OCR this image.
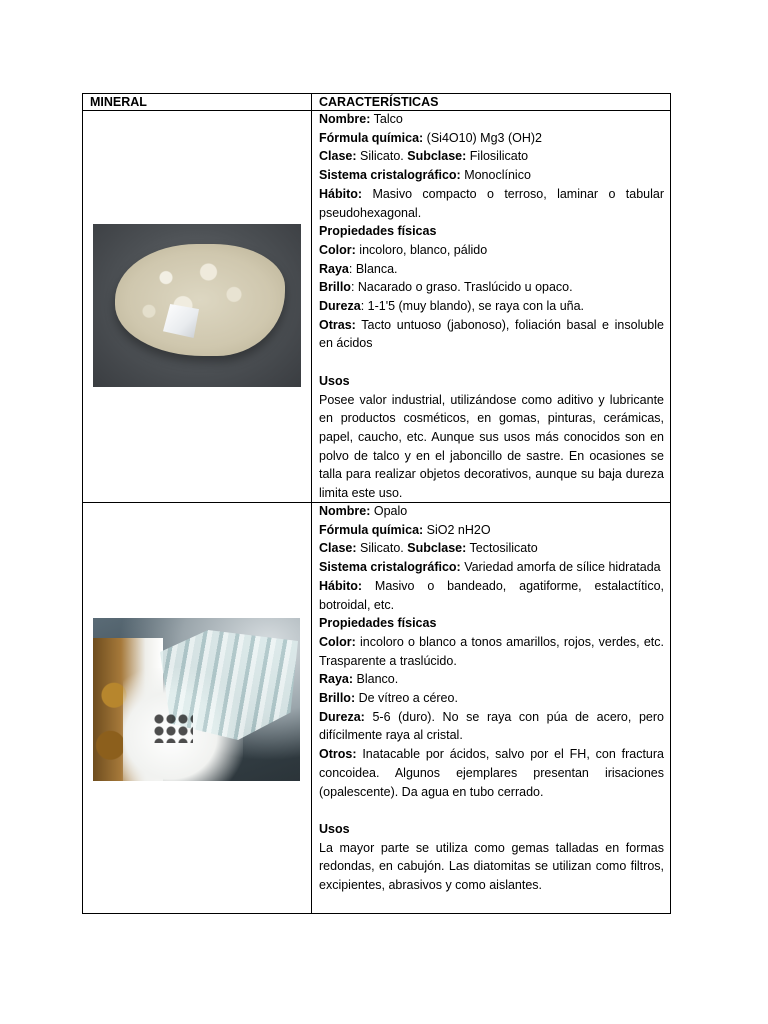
MINERAL	CARACTERÍSTICAS

Nombre: Talco

Fórmula química: (Si4O10) Mg3 (OH)2

Clase: Silicato. Subclase: Filosilicato

Sistema cristalográfico: Monoclínico

Hábito: Masivo compacto o terroso, laminar o tabular pseudohexagonal.

Propiedades físicas

Color: incoloro, blanco, pálido

Raya: Blanca.

Brillo: Nacarado o graso. Traslúcido u opaco.

Dureza: 1-1'5 (muy blando), se raya con la uña.

Otras: Tacto untuoso (jabonoso), foliación basal e insoluble en ácidos

Usos

Posee valor industrial, utilizándose como aditivo y lubricante en productos cosméticos, en gomas, pinturas, cerámicas, papel, caucho, etc. Aunque sus usos más conocidos son en polvo de talco y en el jaboncillo de sastre. En ocasiones se talla para realizar objetos decorativos, aunque su baja dureza limita este uso.

Nombre: Opalo

Fórmula química: SiO2 nH2O

Clase: Silicato. Subclase: Tectosilicato

Sistema cristalográfico: Variedad amorfa de sílice hidratada

Hábito: Masivo o bandeado, agatiforme, estalactítico, botroidal, etc.

Propiedades físicas

Color: incoloro o blanco a tonos amarillos, rojos, verdes, etc. Trasparente a traslúcido.

Raya: Blanco.

Brillo: De vítreo a céreo.

Dureza: 5-6 (duro). No se raya con púa de acero, pero difícilmente raya al cristal.

Otros: Inatacable por ácidos, salvo por el FH, con fractura concoidea. Algunos ejemplares presentan irisaciones (opalescente). Da agua en tubo cerrado.

Usos

La mayor parte se utiliza como gemas talladas en formas redondas, en cabujón. Las diatomitas se utilizan como filtros, excipientes, abrasivos y como aislantes.
